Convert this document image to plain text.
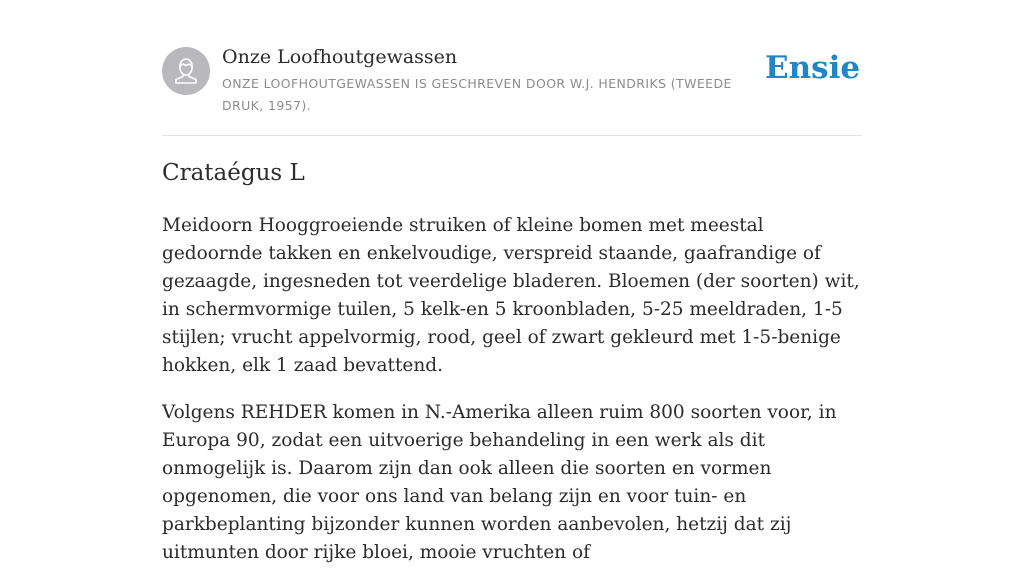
Onze Loofhoutgewassen
ONZE LOOFHOUTGEWASSEN IS GESCHREVEN DOOR W.J. HENDRIKS (TWEEDE DRUK, 1957).
Ensie
Crataégus L

Meidoorn Hooggroeiende struiken of kleine bomen met meestal gedoornde takken en enkelvoudige, verspreid staande, gaafrandige of gezaagde, ingesneden tot veerdelige bladeren. Bloemen (der soorten) wit, in schermvormige tuilen, 5 kelk-en 5 kroonbladen, 5-25 meeldraden, 1-5 stijlen; vrucht appelvormig, rood, geel of zwart gekleurd met 1-5-benige hokken, elk 1 zaad bevattend.

Volgens REHDER komen in N.-Amerika alleen ruim 800 soorten voor, in Europa 90, zodat een uitvoerige behandeling in een werk als dit onmogelijk is. Daarom zijn dan ook alleen die soorten en vormen opgenomen, die voor ons land van belang zijn en voor tuin- en parkbeplanting bijzonder kunnen worden aanbevolen, hetzij dat zij uitmunten door rijke bloei, mooie vruchten of
